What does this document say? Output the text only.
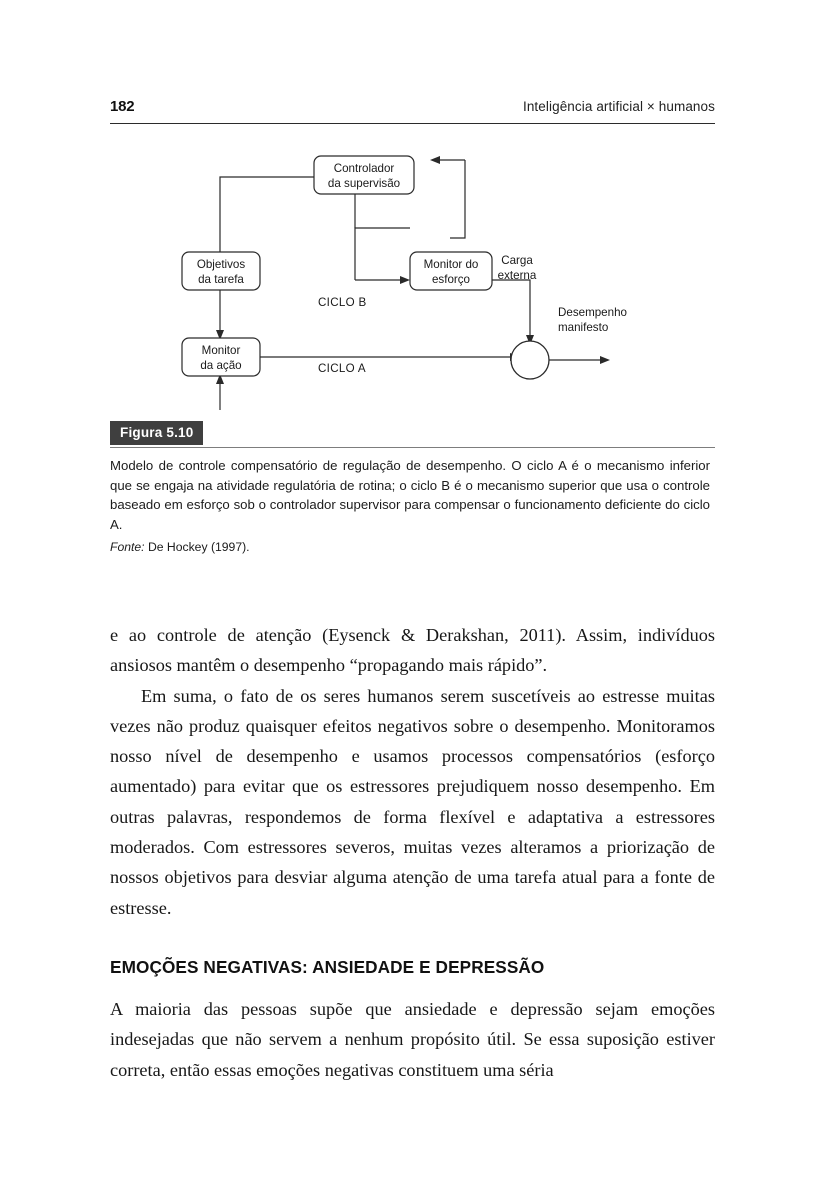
182	Inteligência artificial × humanos
Controlador
da supervisão
Objetivos
da tarefa
Monitor do
esforço
Monitor
da ação
Carga
externa
Desempenho
manifesto
CICLO B
CICLO A
Figura 5.10
Modelo de controle compensatório de regulação de desempenho. O ciclo A é o mecanismo inferior que se engaja na atividade regulatória de rotina; o ciclo B é o mecanismo superior que usa o controle baseado em esforço sob o controlador supervisor para compensar o funcionamento deficiente do ciclo A.
Fonte: De Hockey (1997).

e ao controle de atenção (Eysenck & Derakshan, 2011). Assim, indivíduos ansiosos mantêm o desempenho “propagando mais rápido”.

Em suma, o fato de os seres humanos serem suscetíveis ao estresse muitas vezes não produz quaisquer efeitos negativos sobre o desempenho. Monitoramos nosso nível de desempenho e usamos processos compensatórios (esforço aumentado) para evitar que os estressores prejudiquem nosso desempenho. Em outras palavras, respondemos de forma flexível e adaptativa a estressores moderados. Com estressores severos, muitas vezes alteramos a priorização de nossos objetivos para desviar alguma atenção de uma tarefa atual para a fonte de estresse.

EMOÇÕES NEGATIVAS: ANSIEDADE E DEPRESSÃO

A maioria das pessoas supõe que ansiedade e depressão sejam emoções indesejadas que não servem a nenhum propósito útil. Se essa suposição estiver correta, então essas emoções negativas constituem uma séria
